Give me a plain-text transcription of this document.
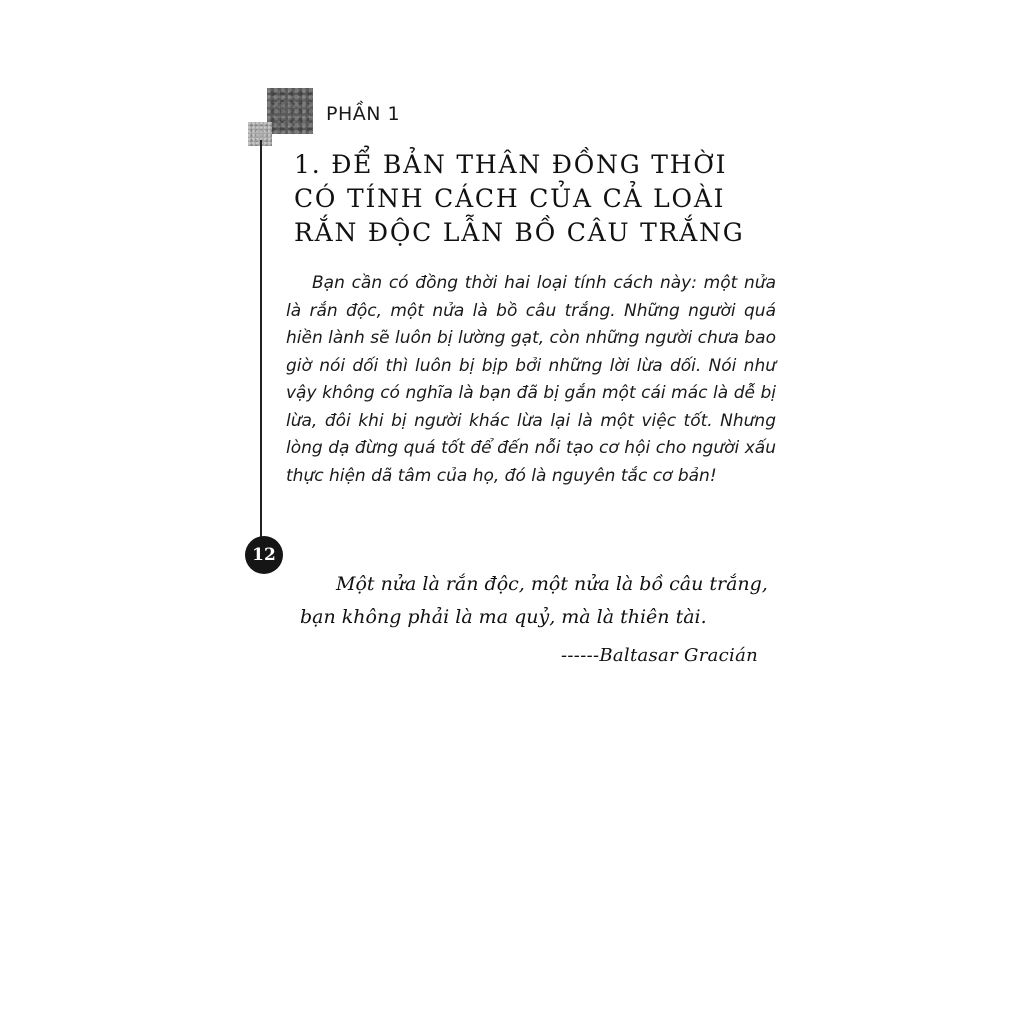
PHẦN 1

1. ĐỂ BẢN THÂN ĐỒNG THỜI CÓ TÍNH CÁCH CỦA CẢ LOÀI RẮN ĐỘC LẪN BỒ CÂU TRẮNG

Bạn cần có đồng thời hai loại tính cách này: một nửa là rắn độc, một nửa là bồ câu trắng. Những người quá hiền lành sẽ luôn bị lường gạt, còn những người chưa bao giờ nói dối thì luôn bị bịp bởi những lời lừa dối. Nói như vậy không có nghĩa là bạn đã bị gắn một cái mác là dễ bị lừa, đôi khi bị người khác lừa lại là một việc tốt. Nhưng lòng dạ đừng quá tốt để đến nỗi tạo cơ hội cho người xấu thực hiện dã tâm của họ, đó là nguyên tắc cơ bản!

12

Một nửa là rắn độc, một nửa là bồ câu trắng, bạn không phải là ma quỷ, mà là thiên tài.

------Baltasar Gracián
